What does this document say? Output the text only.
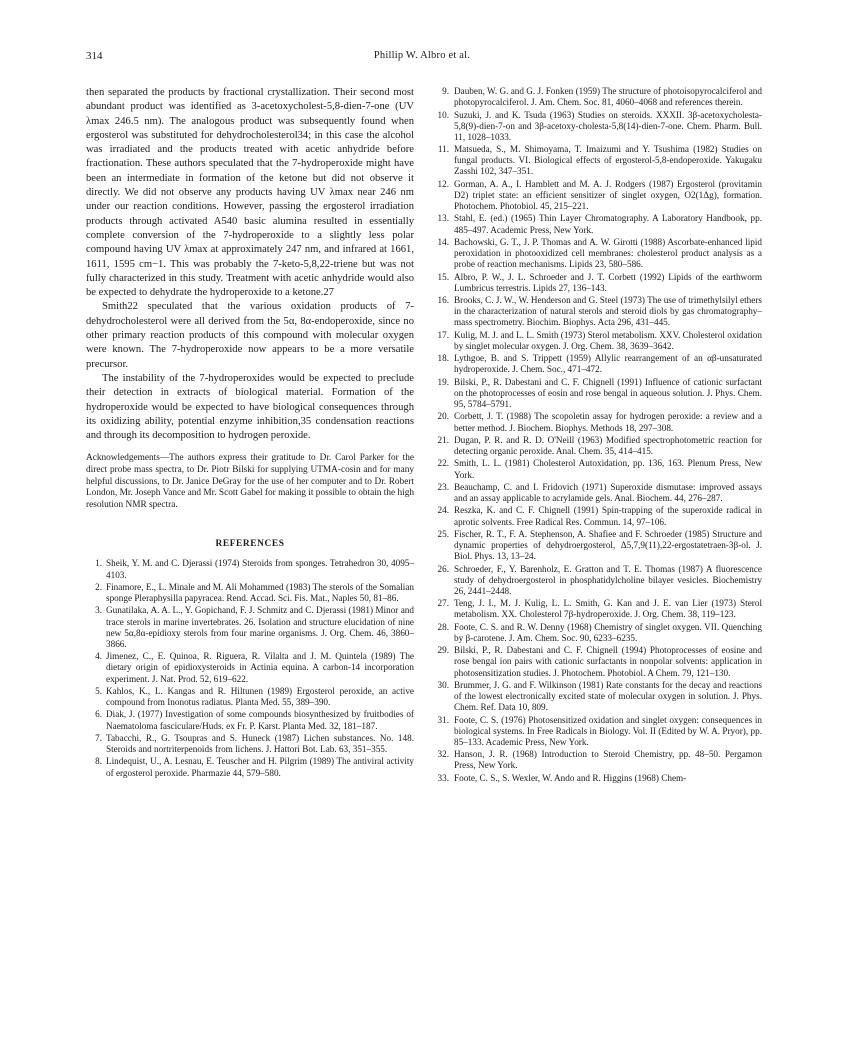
314	Phillip W. Albro et al.

then separated the products by fractional crystallization. Their second most abundant product was identified as 3-acetoxycholest-5,8-dien-7-one (UV λmax 246.5 nm). The analogous product was subsequently found when ergosterol was substituted for dehydrocholesterol34; in this case the alcohol was irradiated and the products treated with acetic anhydride before fractionation. These authors speculated that the 7-hydroperoxide might have been an intermediate in formation of the ketone but did not observe it directly. We did not observe any products having UV λmax near 246 nm under our reaction conditions. However, passing the ergosterol irradiation products through activated A540 basic alumina resulted in essentially complete conversion of the 7-hydroperoxide to a slightly less polar compound having UV λmax at approximately 247 nm, and infrared at 1661, 1611, 1595 cm−1. This was probably the 7-keto-5,8,22-triene but was not fully characterized in this study. Treatment with acetic anhydride would also be expected to dehydrate the hydroperoxide to a ketone.27

Smith22 speculated that the various oxidation products of 7-dehydrocholesterol were all derived from the 5α, 8α-endoperoxide, since no other primary reaction products of this compound with molecular oxygen were known. The 7-hydroperoxide now appears to be a more versatile precursor.

The instability of the 7-hydroperoxides would be expected to preclude their detection in extracts of biological material. Formation of the hydroperoxide would be expected to have biological consequences through its oxidizing ability, potential enzyme inhibition,35 condensation reactions and through its decomposition to hydrogen peroxide.

Acknowledgements—The authors express their gratitude to Dr. Carol Parker for the direct probe mass spectra, to Dr. Piotr Bilski for supplying UTMA-cosin and for many helpful discussions, to Dr. Janice DeGray for the use of her computer and to Dr. Robert London, Mr. Joseph Vance and Mr. Scott Gabel for making it possible to obtain the high resolution NMR spectra.

REFERENCES
1. Sheik, Y. M. and C. Djerassi (1974) Steroids from sponges. Tetrahedron 30, 4095–4103.
2. Finamore, E., L. Minale and M. Ali Mohammed (1983) The sterols of the Somalian sponge Pleraphysilla papyracea. Rend. Accad. Sci. Fis. Mat., Naples 50, 81–86.
3. Gunatilaka, A. A. L., Y. Gopichand, F. J. Schmitz and C. Djerassi (1981) Minor and trace sterols in marine invertebrates. 26. Isolation and structure elucidation of nine new 5α,8α-epidioxy sterols from four marine organisms. J. Org. Chem. 46, 3860–3866.
4. Jimenez, C., E. Quinoa, R. Riguera, R. Vilalta and J. M. Quintela (1989) The dietary origin of epidioxysteroids in Actinia equina. A carbon-14 incorporation experiment. J. Nat. Prod. 52, 619–622.
5. Kahlos, K., L. Kangas and R. Hiltunen (1989) Ergosterol peroxide, an active compound from Inonotus radiatus. Planta Med. 55, 389–390.
6. Diak, J. (1977) Investigation of some compounds biosynthesized by fruitbodies of Naematoloma fasciculare/Huds. ex Fr. P. Karst. Planta Med. 32, 181–187.
7. Tabacchi, R., G. Tsoupras and S. Huneck (1987) Lichen substances. No. 148. Steroids and nortriterpenoids from lichens. J. Hattori Bot. Lab. 63, 351–355.
8. Lindequist, U., A. Lesnau, E. Teuscher and H. Pilgrim (1989) The antiviral activity of ergosterol peroxide. Pharmazie 44, 579–580.
9. Dauben, W. G. and G. J. Fonken (1959) The structure of photoisopyrocalciferol and photopyrocalciferol. J. Am. Chem. Soc. 81, 4060–4068 and references therein.
10. Suzuki, J. and K. Tsuda (1963) Studies on steroids. XXXII. 3β-acetoxycholesta-5,8(9)-dien-7-on and 3β-acetoxy-cholesta-5,8(14)-dien-7-one. Chem. Pharm. Bull. 11, 1028–1033.
11. Matsueda, S., M. Shimoyama, T. Imaizumi and Y. Tsushima (1982) Studies on fungal products. VI. Biological effects of ergosterol-5,8-endoperoxide. Yakugaku Zasshi 102, 347–351.
12. Gorman, A. A., I. Hamblett and M. A. J. Rodgers (1987) Ergosterol (provitamin D2) triplet state: an efficient sensitizer of singlet oxygen, O2(1Δg), formation. Photochem. Photobiol. 45, 215–221.
13. Stahl, E. (ed.) (1965) Thin Layer Chromatography. A Laboratory Handbook, pp. 485–497. Academic Press, New York.
14. Bachowski, G. T., J. P. Thomas and A. W. Girotti (1988) Ascorbate-enhanced lipid peroxidation in photooxidized cell membranes: cholesterol product analysis as a probe of reaction mechanisms. Lipids 23, 580–586.
15. Albro, P. W., J. L. Schroeder and J. T. Corbett (1992) Lipids of the earthworm Lumbricus terrestris. Lipids 27, 136–143.
16. Brooks, C. J. W., W. Henderson and G. Steel (1973) The use of trimethylsilyl ethers in the characterization of natural sterols and steroid diols by gas chromatography–mass spectrometry. Biochim. Biophys. Acta 296, 431–445.
17. Kulig, M. J. and L. L. Smith (1973) Sterol metabolism. XXV. Cholesterol oxidation by singlet molecular oxygen. J. Org. Chem. 38, 3639–3642.
18. Lythgoe, B. and S. Trippett (1959) Allylic rearrangement of an αβ-unsaturated hydroperoxide. J. Chem. Soc., 471–472.
19. Bilski, P., R. Dabestani and C. F. Chignell (1991) Influence of cationic surfactant on the photoprocesses of eosin and rose bengal in aqueous solution. J. Phys. Chem. 95, 5784–5791.
20. Corbett, J. T. (1988) The scopoletin assay for hydrogen peroxide: a review and a better method. J. Biochem. Biophys. Methods 18, 297–308.
21. Dugan, P. R. and R. D. O'Neill (1963) Modified spectrophotometric reaction for detecting organic peroxide. Anal. Chem. 35, 414–415.
22. Smith, L. L. (1981) Cholesterol Autoxidation, pp. 136, 163. Plenum Press, New York.
23. Beauchamp, C. and I. Fridovich (1971) Superoxide dismutase: improved assays and an assay applicable to acrylamide gels. Anal. Biochem. 44, 276–287.
24. Reszka, K. and C. F. Chignell (1991) Spin-trapping of the superoxide radical in aprotic solvents. Free Radical Res. Commun. 14, 97–106.
25. Fischer, R. T., F. A. Stephenson, A. Shafiee and F. Schroeder (1985) Structure and dynamic properties of dehydroergosterol, Δ5,7,9(11),22-ergostatetraen-3β-ol. J. Biol. Phys. 13, 13–24.
26. Schroeder, F., Y. Barenholz, E. Gratton and T. E. Thomas (1987) A fluorescence study of dehydroergosterol in phosphatidylcholine bilayer vesicles. Biochemistry 26, 2441–2448.
27. Teng, J. I., M. J. Kulig, L. L. Smith, G. Kan and J. E. van Lier (1973) Sterol metabolism. XX. Cholesterol 7β-hydroperoxide. J. Org. Chem. 38, 119–123.
28. Foote, C. S. and R. W. Denny (1968) Chemistry of singlet oxygen. VII. Quenching by β-carotene. J. Am. Chem. Soc. 90, 6233–6235.
29. Bilski, P., R. Dabestani and C. F. Chignell (1994) Photoprocesses of eosine and rose bengal ion pairs with cationic surfactants in nonpolar solvents: application in photosensitization studies. J. Photochem. Photobiol. A Chem. 79, 121–130.
30. Brummer, J. G. and F. Wilkinson (1981) Rate constants for the decay and reactions of the lowest electronically excited state of molecular oxygen in solution. J. Phys. Chem. Ref. Data 10, 809.
31. Foote, C. S. (1976) Photosensitized oxidation and singlet oxygen: consequences in biological systems. In Free Radicals in Biology. Vol. II (Edited by W. A. Pryor), pp. 85–133. Academic Press, New York.
32. Hanson, J. R. (1968) Introduction to Steroid Chemistry, pp. 48–50. Pergamon Press, New York.
33. Foote, C. S., S. Wexler, W. Ando and R. Higgins (1968) Chem-
